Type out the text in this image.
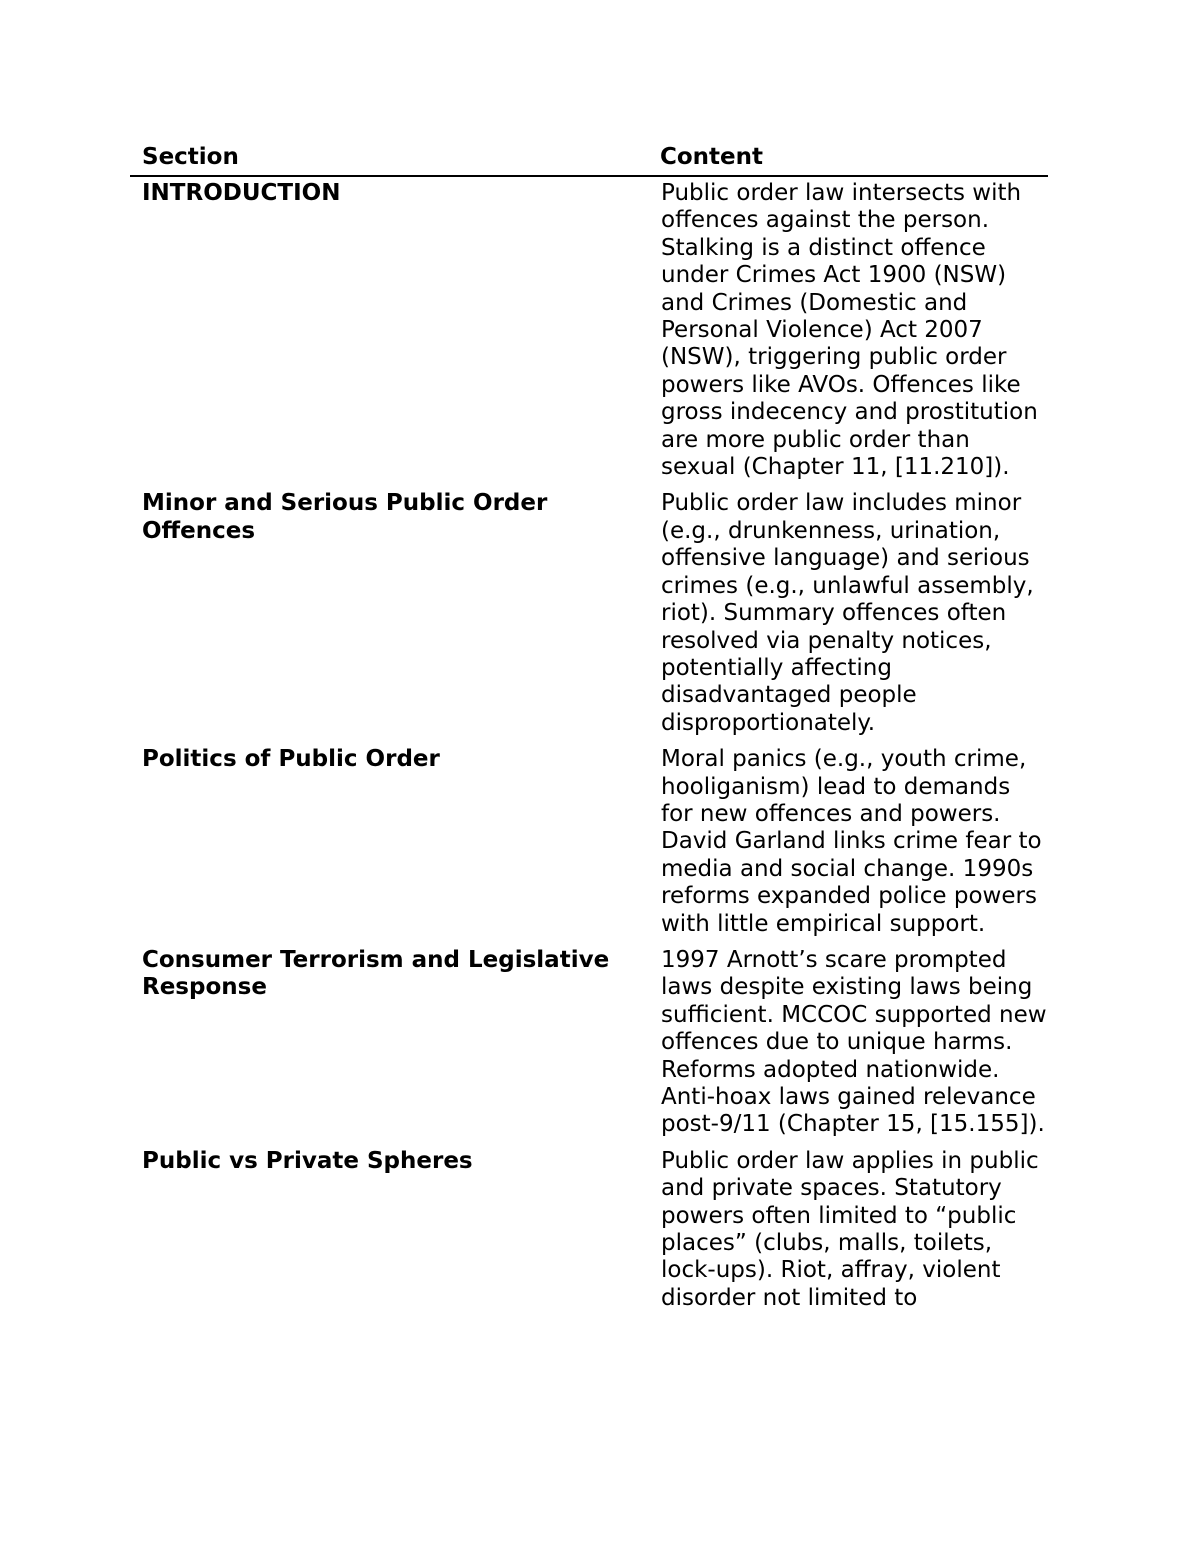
Section	Content
INTRODUCTION	Public order law intersects with offences against the person. Stalking is a distinct offence under Crimes Act 1900 (NSW) and Crimes (Domestic and Personal Violence) Act 2007 (NSW), triggering public order powers like AVOs. Offences like gross indecency and prostitution are more public order than sexual (Chapter 11, [11.210]).
Minor and Serious Public Order Offences	Public order law includes minor (e.g., drunkenness, urination, offensive language) and serious crimes (e.g., unlawful assembly, riot). Summary offences often resolved via penalty notices, potentially affecting disadvantaged people disproportionately.
Politics of Public Order	Moral panics (e.g., youth crime, hooliganism) lead to demands for new offences and powers. David Garland links crime fear to media and social change. 1990s reforms expanded police powers with little empirical support.
Consumer Terrorism and Legislative Response	1997 Arnott’s scare prompted laws despite existing laws being sufficient. MCCOC supported new offences due to unique harms. Reforms adopted nationwide. Anti-hoax laws gained relevance post-9/11 (Chapter 15, [15.155]).
Public vs Private Spheres	Public order law applies in public and private spaces. Statutory powers often limited to “public places” (clubs, malls, toilets, lock-ups). Riot, affray, violent disorder not limited to
